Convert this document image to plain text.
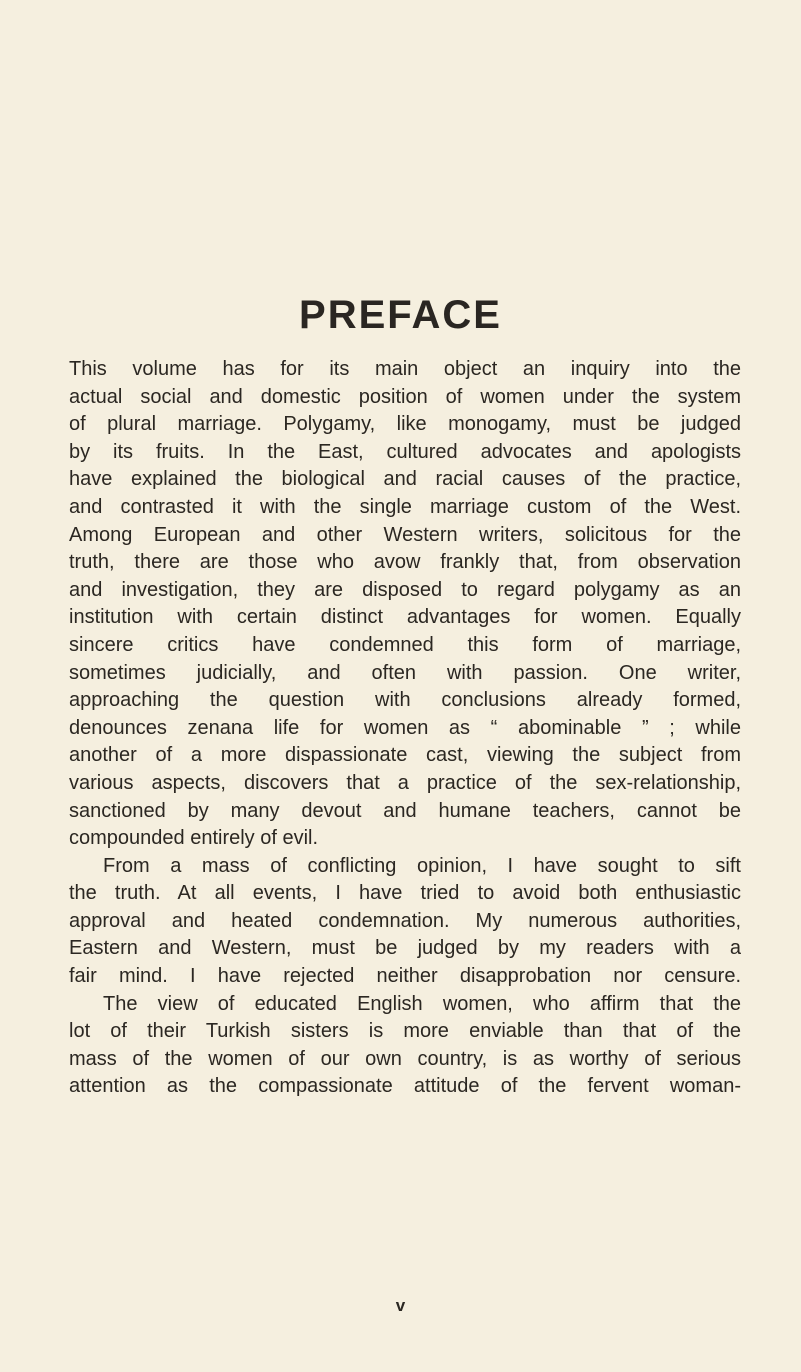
PREFACE
This volume has for its main object an inquiry into the
actual social and domestic position of women under the system
of plural marriage. Polygamy, like monogamy, must be judged
by its fruits. In the East, cultured advocates and apologists
have explained the biological and racial causes of the practice,
and contrasted it with the single marriage custom of the West.
Among European and other Western writers, solicitous for the
truth, there are those who avow frankly that, from observation
and investigation, they are disposed to regard polygamy as an
institution with certain distinct advantages for women. Equally
sincere critics have condemned this form of marriage,
sometimes judicially, and often with passion. One writer,
approaching the question with conclusions already formed,
denounces zenana life for women as “ abominable ” ; while
another of a more dispassionate cast, viewing the subject from
various aspects, discovers that a practice of the sex-relationship,
sanctioned by many devout and humane teachers, cannot be
compounded entirely of evil.
From a mass of conflicting opinion, I have sought to sift
the truth. At all events, I have tried to avoid both enthusiastic
approval and heated condemnation. My numerous authorities,
Eastern and Western, must be judged by my readers with a
fair mind. I have rejected neither disapprobation nor censure.
The view of educated English women, who affirm that the
lot of their Turkish sisters is more enviable than that of the
mass of the women of our own country, is as worthy of serious
attention as the compassionate attitude of the fervent woman-
v
